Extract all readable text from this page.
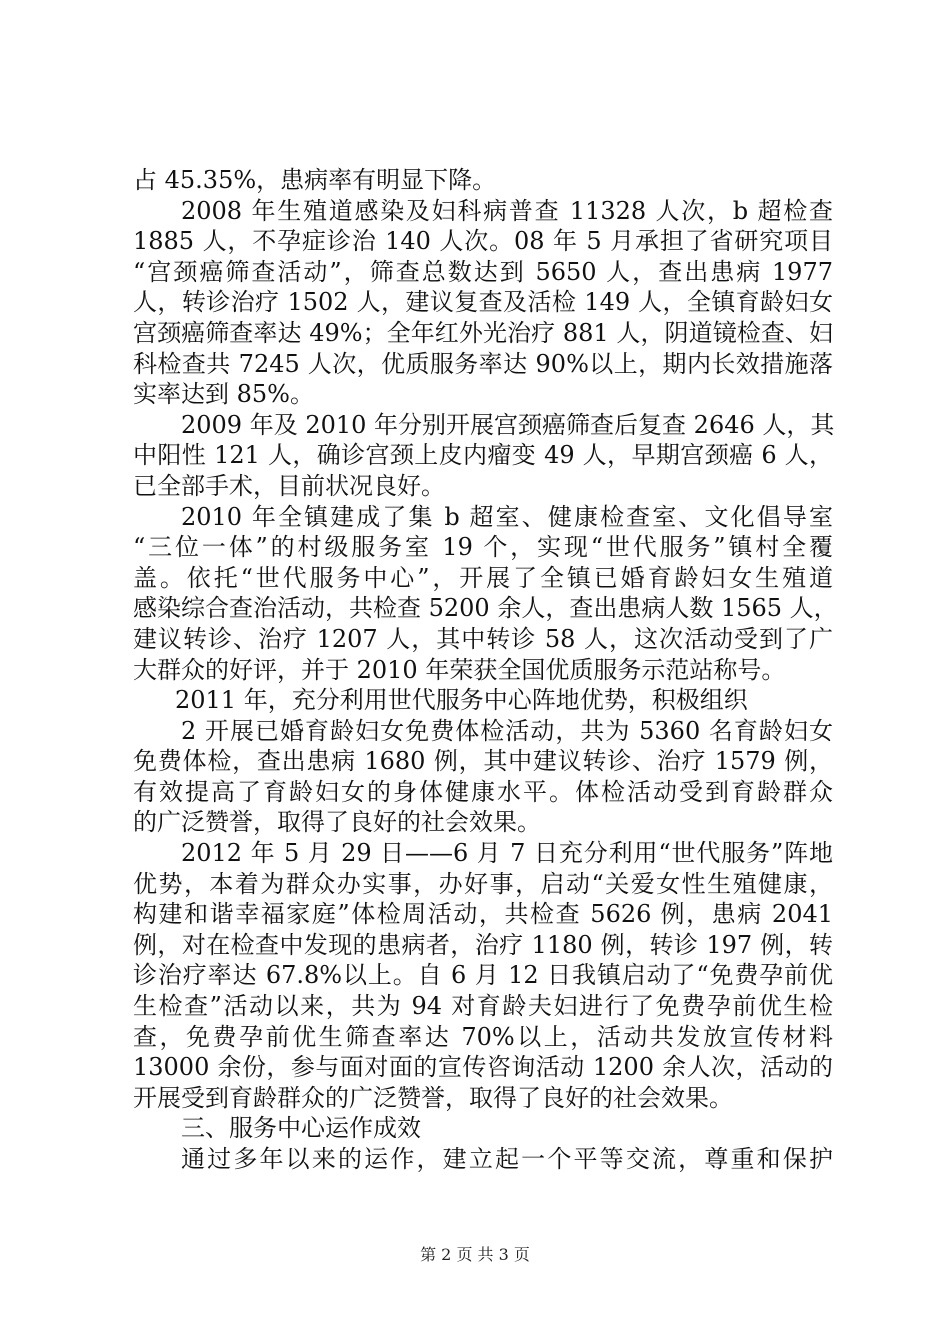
占 45.35%，患病率有明显下降。

2008 年生殖道感染及妇科病普查 11328 人次，b 超检查

1885 人，不孕症诊治 140 人次。08 年 5 月承担了省研究项目

“宫颈癌筛查活动”，筛查总数达到 5650 人，查出患病 1977

人，转诊治疗 1502 人，建议复查及活检 149 人，全镇育龄妇女

宫颈癌筛查率达 49%；全年红外光治疗 881 人，阴道镜检查、妇

科检查共 7245 人次，优质服务率达 90%以上，期内长效措施落

实率达到 85%。

2009 年及 2010 年分别开展宫颈癌筛查后复查 2646 人，其

中阳性 121 人，确诊宫颈上皮内瘤变 49 人，早期宫颈癌 6 人，

已全部手术，目前状况良好。

2010 年全镇建成了集 b 超室、健康检查室、文化倡导室

“三位一体”的村级服务室 19 个，实现“世代服务”镇村全覆

盖。依托“世代服务中心”，开展了全镇已婚育龄妇女生殖道

感染综合查治活动，共检查 5200 余人，查出患病人数 1565 人，

建议转诊、治疗 1207 人，其中转诊 58 人，这次活动受到了广

大群众的好评，并于 2010 年荣获全国优质服务示范站称号。

2011 年，充分利用世代服务中心阵地优势，积极组织

2 开展已婚育龄妇女免费体检活动，共为 5360 名育龄妇女

免费体检，查出患病 1680 例，其中建议转诊、治疗 1579 例，

有效提高了育龄妇女的身体健康水平。体检活动受到育龄群众

的广泛赞誉，取得了良好的社会效果。

2012 年 5 月 29 日——6 月 7 日充分利用“世代服务”阵地

优势，本着为群众办实事，办好事，启动“关爱女性生殖健康，

构建和谐幸福家庭”体检周活动，共检查 5626 例，患病 2041

例，对在检查中发现的患病者，治疗 1180 例，转诊 197 例，转

诊治疗率达 67.8%以上。自 6 月 12 日我镇启动了“免费孕前优

生检查”活动以来，共为 94 对育龄夫妇进行了免费孕前优生检

查，免费孕前优生筛查率达 70%以上，活动共发放宣传材料

13000 余份，参与面对面的宣传咨询活动 1200 余人次，活动的

开展受到育龄群众的广泛赞誉，取得了良好的社会效果。

三、服务中心运作成效

通过多年以来的运作，建立起一个平等交流，尊重和保护

第 2 页 共 3 页
